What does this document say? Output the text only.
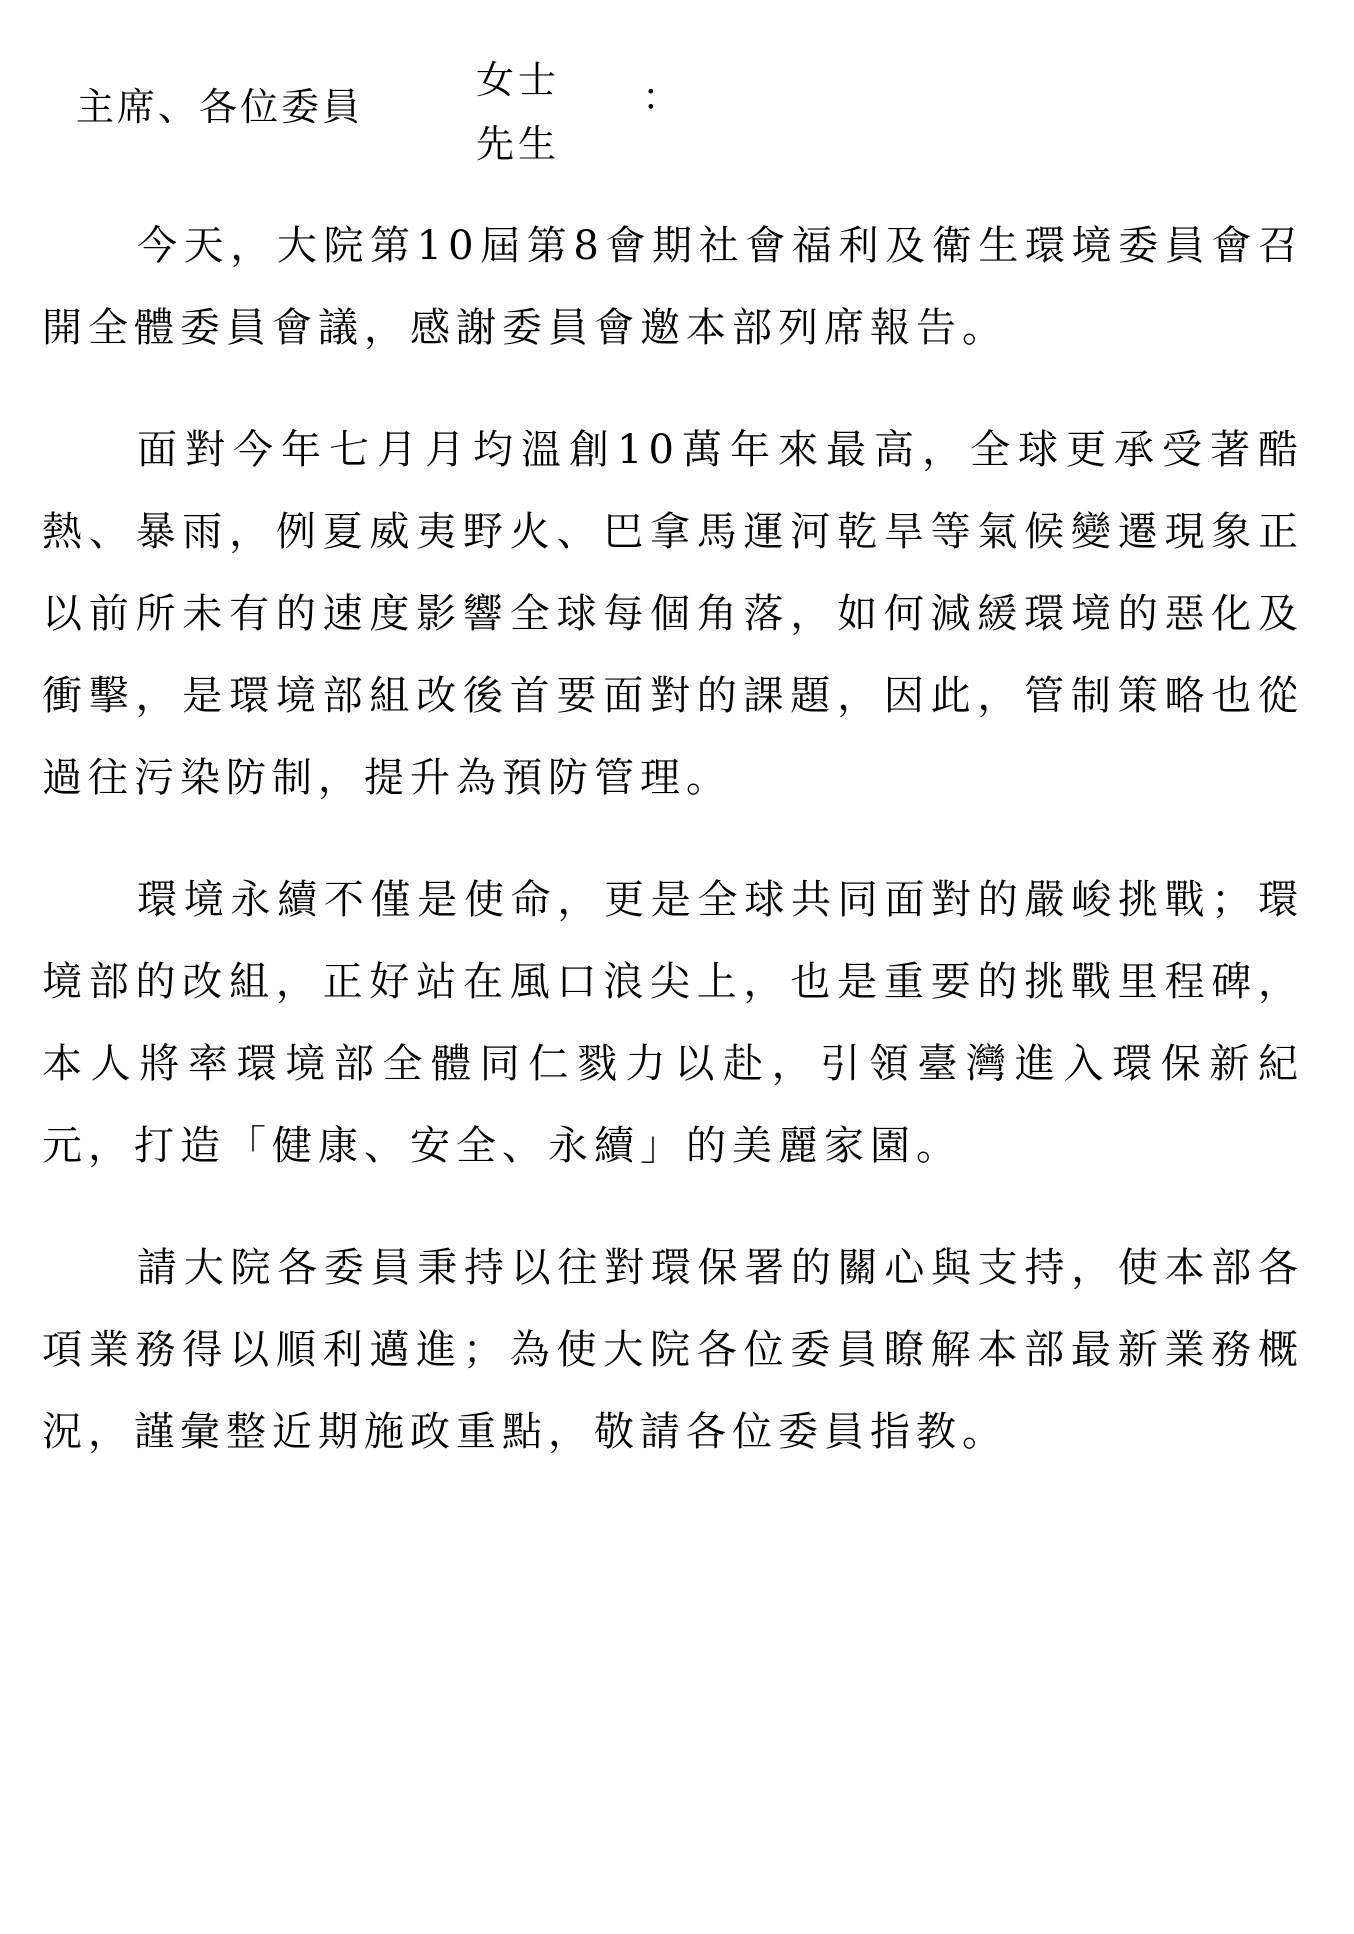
主席、各位委員
女士
先生
：

今天，大院第10屆第8會期社會福利及衛生環境委員會召開全體委員會議，感謝委員會邀本部列席報告。

面對今年七月月均溫創10萬年來最高，全球更承受著酷熱、暴雨，例夏威夷野火、巴拿馬運河乾旱等氣候變遷現象正以前所未有的速度影響全球每個角落，如何減緩環境的惡化及衝擊，是環境部組改後首要面對的課題，因此，管制策略也從過往污染防制，提升為預防管理。

環境永續不僅是使命，更是全球共同面對的嚴峻挑戰；環境部的改組，正好站在風口浪尖上，也是重要的挑戰里程碑，本人將率環境部全體同仁戮力以赴，引領臺灣進入環保新紀元，打造「健康、安全、永續」的美麗家園。

請大院各委員秉持以往對環保署的關心與支持，使本部各項業務得以順利邁進；為使大院各位委員瞭解本部最新業務概況，謹彙整近期施政重點，敬請各位委員指教。
